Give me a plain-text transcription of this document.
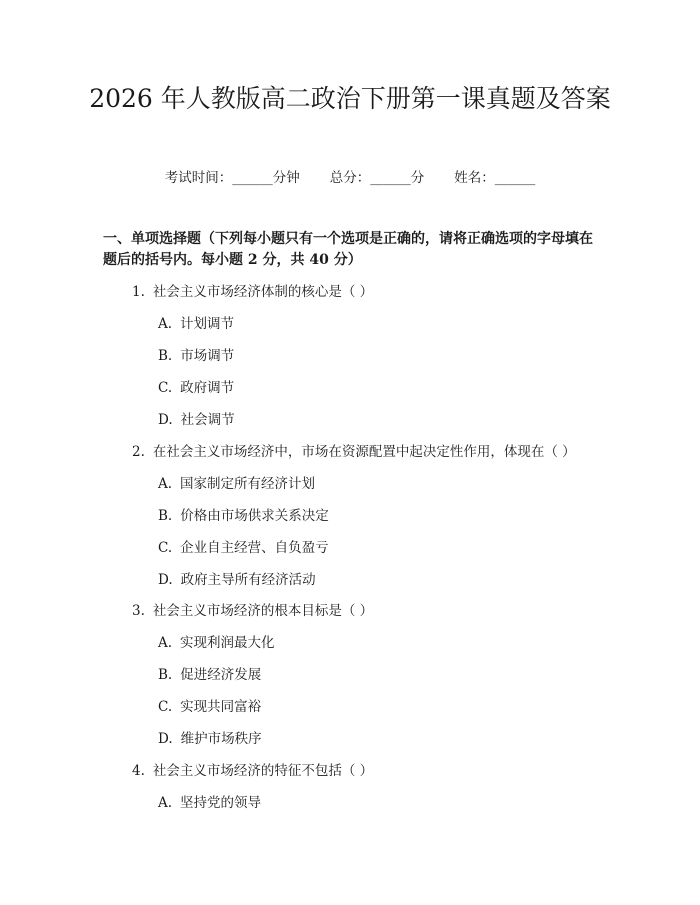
2026 年人教版高二政治下册第一课真题及答案
考试时间：______分钟 总分：______分 姓名：______

一、单项选择题（下列每小题只有一个选项是正确的，请将正确选项的字母填在题后的括号内。每小题 2 分，共 40 分）

1. 社会主义市场经济体制的核心是（ ）
A. 计划调节
B. 市场调节
C. 政府调节
D. 社会调节
2. 在社会主义市场经济中，市场在资源配置中起决定性作用，体现在（ ）
A. 国家制定所有经济计划
B. 价格由市场供求关系决定
C. 企业自主经营、自负盈亏
D. 政府主导所有经济活动
3. 社会主义市场经济的根本目标是（ ）
A. 实现利润最大化
B. 促进经济发展
C. 实现共同富裕
D. 维护市场秩序
4. 社会主义市场经济的特征不包括（ ）
A. 坚持党的领导
